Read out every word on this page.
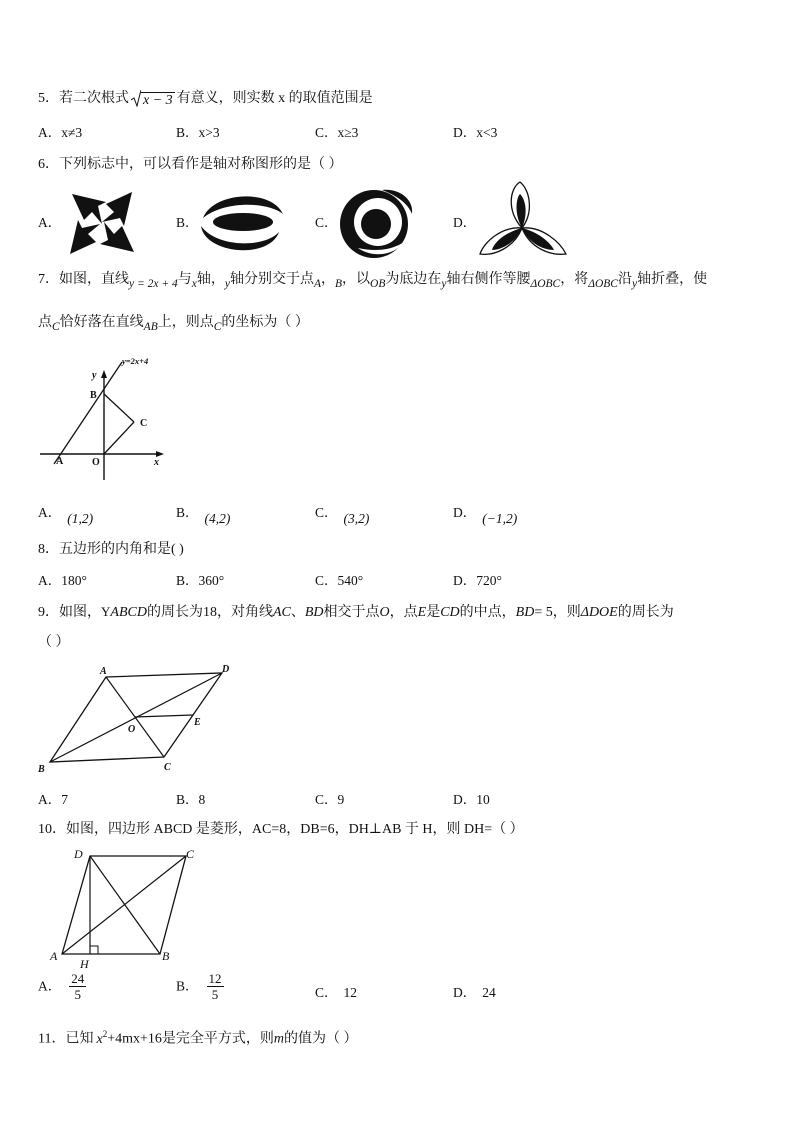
5．若二次根式 x − 3 有意义，则实数 x 的取值范围是
A．x≠3	B．x>3	C．x≥3	D．x<3
6．下列标志中，可以看作是轴对称图形的是（ ）
A．	B．	C．	D．
7．如图，直线$_{y = 2x + 4}$与$_x$轴，$_y$轴分别交于点$_A$，$_B$，以$_{OB}$为底边在$_y$轴右侧作等腰$_{\Delta OBC}$，将$_{\Delta OBC}$沿$_y$轴折叠，使
点$_C$恰好落在直线$_{AB}$上，则点$_C$的坐标为（ ）
y=2x+4
y
x
B
C
A	O
A． (1,2)	B． (4,2)	C． (3,2)	D． (−1,2)
8．五边形的内角和是( )
A．180°	B．360°	C．540°	D．720°
9．如图，YABCD的周长为18，对角线AC、BD相交于点O，点E是CD的中点，BD= 5，则ΔDOE的周长为
（ ）
A	D
B	C
O
E
A．7	B．8	C．9	D．10
10．如图，四边形 ABCD 是菱形，AC=8，DB=6，DH⊥AB 于 H，则 DH=（ ）
D	C
A	B
H
A． $\frac{24}{5}$	B． $\frac{12}{5}$	C． 12	D． 24
11．已知 $x^2+4mx+16$是完全平方式，则m的值为（ ）
